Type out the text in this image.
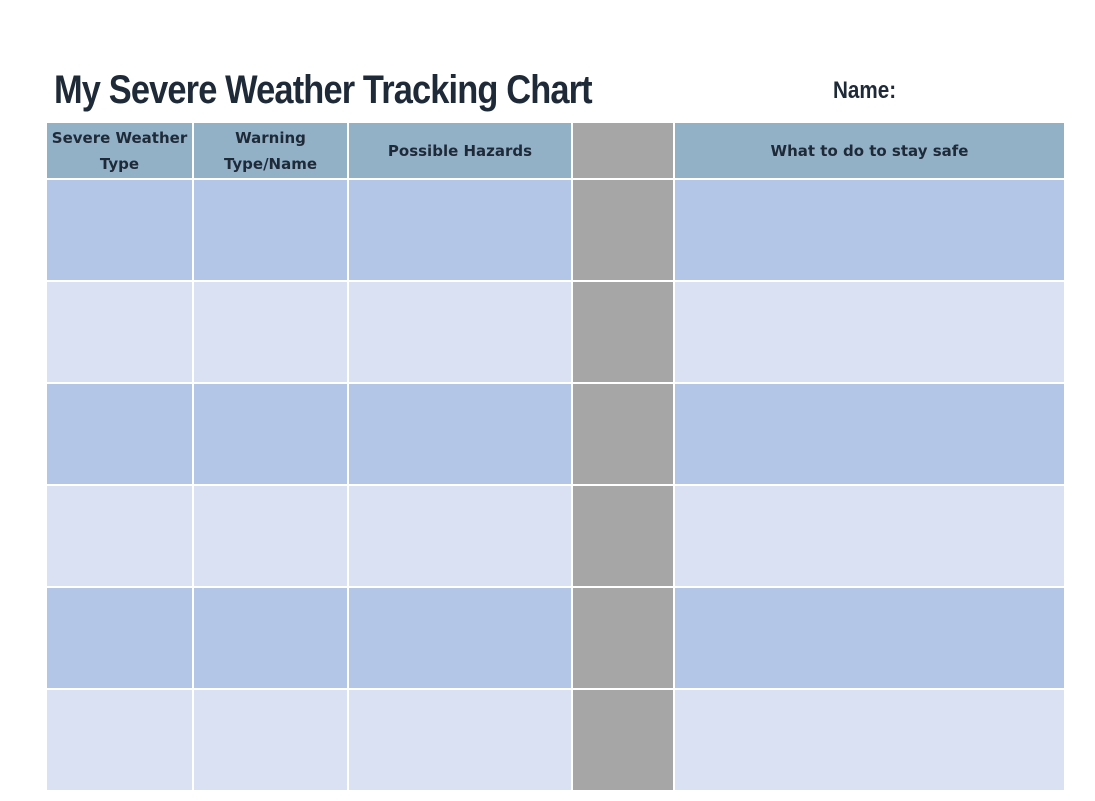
My Severe Weather Tracking Chart	Name:
Severe Weather Type
Warning Type/Name
Possible Hazards	What to do to stay safe
